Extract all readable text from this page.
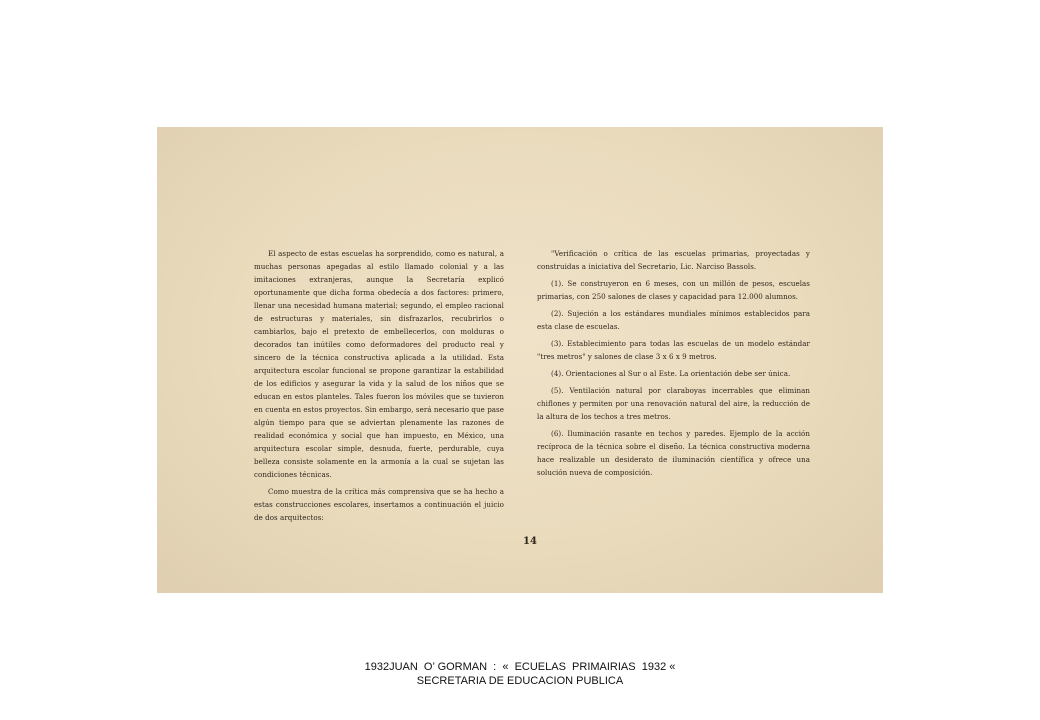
El aspecto de estas escuelas ha sorprendido, como es natural, a muchas personas apegadas al estilo llamado colonial y a las imitaciones extranjeras, aunque la Secretaría explicó oportunamente que dicha forma obedecía a dos factores: primero, llenar una necesidad humana material; segundo, el empleo racional de estructuras y materiales, sin disfrazarlos, recubrirlos o cambiarlos, bajo el pretexto de embellecerlos, con molduras o decorados tan inútiles como deformadores del producto real y sincero de la técnica constructiva aplicada a la utilidad. Esta arquitectura escolar funcional se propone garantizar la estabilidad de los edificios y asegurar la vida y la salud de los niños que se educan en estos planteles. Tales fueron los móviles que se tuvieron en cuenta en estos proyectos. Sin embargo, será necesario que pase algún tiempo para que se adviertan plenamente las razones de realidad económica y social que han impuesto, en México, una arquitectura escolar simple, desnuda, fuerte, perdurable, cuya belleza consiste solamente en la armonía a la cual se sujetan las condiciones técnicas.

Como muestra de la crítica más comprensiva que se ha hecho a estas construcciones escolares, insertamos a continuación el juicio de dos arquitectos:

"Verificación o crítica de las escuelas primarias, proyectadas y construidas a iniciativa del Secretario, Lic. Narciso Bassols.

(1). Se construyeron en 6 meses, con un millón de pesos, escuelas primarias, con 250 salones de clases y capacidad para 12.000 alumnos.

(2). Sujeción a los estándares mundiales mínimos establecidos para esta clase de escuelas.

(3). Establecimiento para todas las escuelas de un modelo estándar "tres metros" y salones de clase 3 x 6 x 9 metros.

(4). Orientaciones al Sur o al Este. La orientación debe ser única.

(5). Ventilación natural por claraboyas incerrables que eliminan chiflones y permiten por una renovación natural del aire, la reducción de la altura de los techos a tres metros.

(6). Iluminación rasante en techos y paredes. Ejemplo de la acción recíproca de la técnica sobre el diseño. La técnica constructiva moderna hace realizable un desiderato de iluminación científica y ofrece una solución nueva de composición.

14
1932JUAN  O’ GORMAN  :  «  ECUELAS  PRIMAIRIAS  1932 «
SECRETARIA DE EDUCACION PUBLICA
